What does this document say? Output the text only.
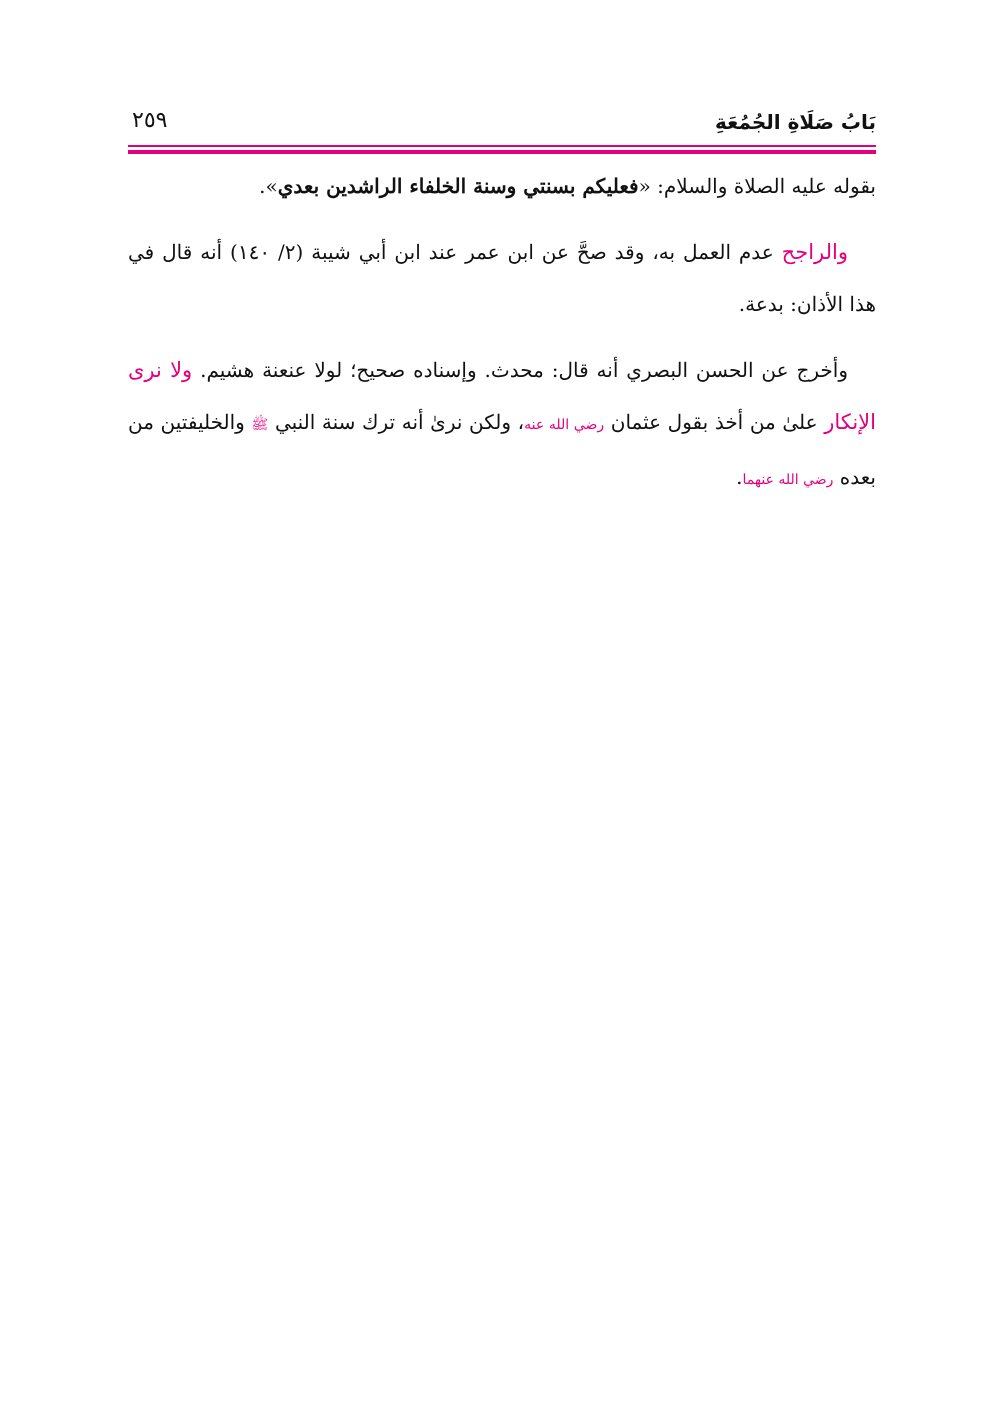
بَابُ صَلَاةِ الجُمُعَةِ
٢٥٩

بقوله عليه الصلاة والسلام: «فعليكم بسنتي وسنة الخلفاء الراشدين بعدي».

والراجح عدم العمل به، وقد صحَّ عن ابن عمر عند ابن أبي شيبة (٢/ ١٤٠) أنه قال في هذا الأذان: بدعة.

وأخرج عن الحسن البصري أنه قال: محدث. وإسناده صحيح؛ لولا عنعنة هشيم. ولا نرى الإنكار علىٰ من أخذ بقول عثمان رضي الله عنه، ولكن نرىٰ أنه ترك سنة النبي ﷺ والخليفتين من بعده رضي الله عنهما.
